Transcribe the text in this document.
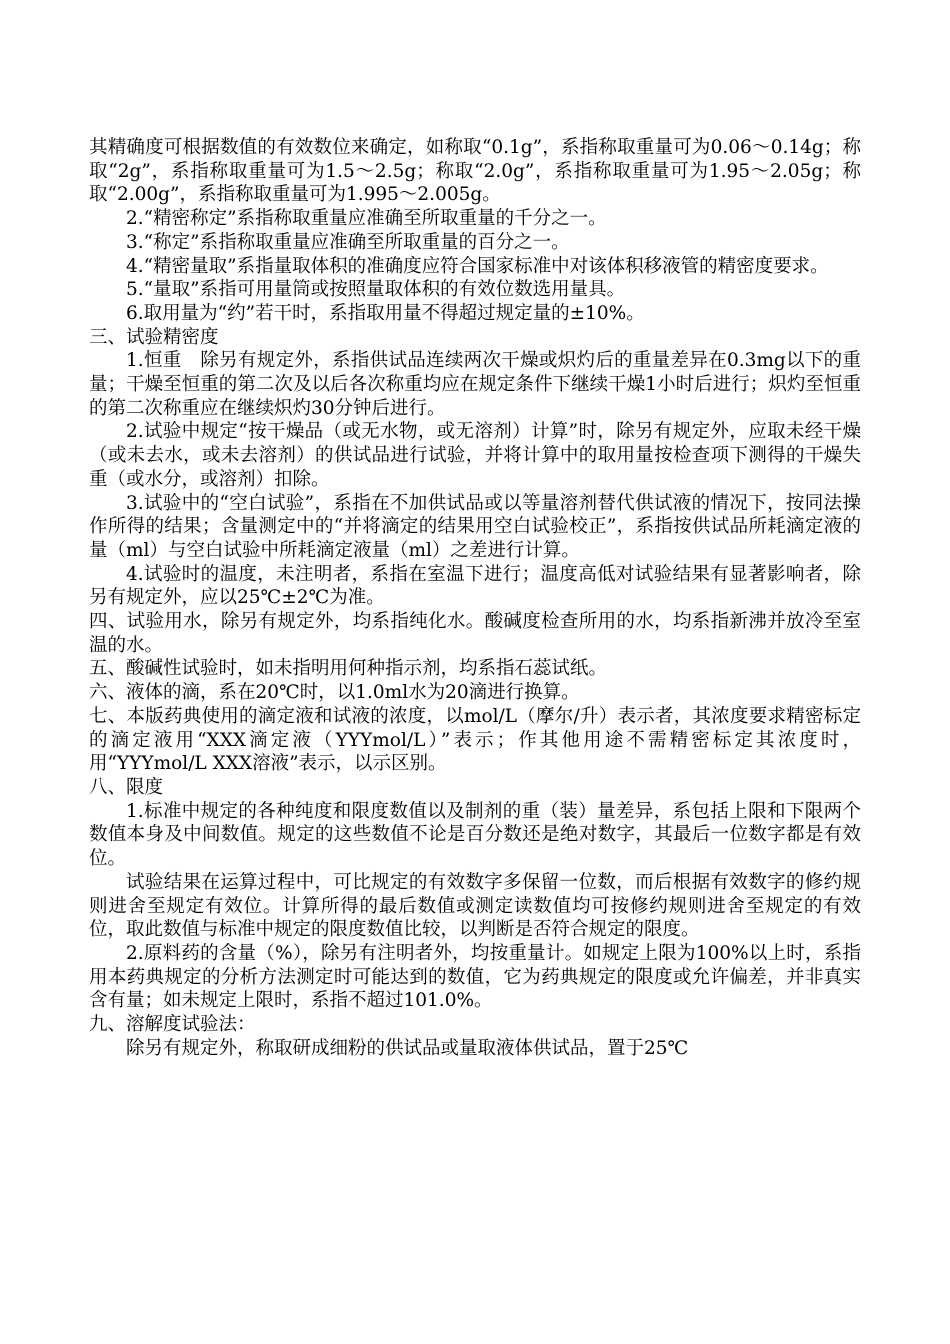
其精确度可根据数值的有效数位来确定，如称取“0.1g”，系指称取重量可为0.06～0.14g；称取“2g”，系指称取重量可为1.5～2.5g；称取“2.0g”，系指称取重量可为1.95～2.05g；称取“2.00g”，系指称取重量可为1.995～2.005g。

2.“精密称定”系指称取重量应准确至所取重量的千分之一。

3.“称定”系指称取重量应准确至所取重量的百分之一。

4.“精密量取”系指量取体积的准确度应符合国家标准中对该体积移液管的精密度要求。

5.“量取”系指可用量筒或按照量取体积的有效位数选用量具。

6.取用量为“约”若干时，系指取用量不得超过规定量的±10%。

三、试验精密度

1.恒重　除另有规定外，系指供试品连续两次干燥或炽灼后的重量差异在0.3mg以下的重量；干燥至恒重的第二次及以后各次称重均应在规定条件下继续干燥1小时后进行；炽灼至恒重的第二次称重应在继续炽灼30分钟后进行。

2.试验中规定“按干燥品（或无水物，或无溶剂）计算”时，除另有规定外，应取未经干燥（或未去水，或未去溶剂）的供试品进行试验，并将计算中的取用量按检查项下测得的干燥失重（或水分，或溶剂）扣除。

3.试验中的“空白试验”，系指在不加供试品或以等量溶剂替代供试液的情况下，按同法操作所得的结果；含量测定中的“并将滴定的结果用空白试验校正”，系指按供试品所耗滴定液的量（ml）与空白试验中所耗滴定液量（ml）之差进行计算。

4.试验时的温度，未注明者，系指在室温下进行；温度高低对试验结果有显著影响者，除另有规定外，应以25℃±2℃为准。

四、试验用水，除另有规定外，均系指纯化水。酸碱度检查所用的水，均系指新沸并放冷至室温的水。

五、酸碱性试验时，如未指明用何种指示剂，均系指石蕊试纸。

六、液体的滴，系在20℃时，以1.0ml水为20滴进行换算。

七、本版药典使用的滴定液和试液的浓度，以mol/L（摩尔/升）表示者，其浓度要求精密标定的滴定液用“XXX滴定液（YYYmol/L）”表示；作其他用途不需精密标定其浓度时，用“YYYmol/L XXX溶液”表示，以示区别。

八、限度

1.标准中规定的各种纯度和限度数值以及制剂的重（装）量差异，系包括上限和下限两个数值本身及中间数值。规定的这些数值不论是百分数还是绝对数字，其最后一位数字都是有效位。

试验结果在运算过程中，可比规定的有效数字多保留一位数，而后根据有效数字的修约规则进舍至规定有效位。计算所得的最后数值或测定读数值均可按修约规则进舍至规定的有效位，取此数值与标准中规定的限度数值比较，以判断是否符合规定的限度。

2.原料药的含量（%），除另有注明者外，均按重量计。如规定上限为100%以上时，系指用本药典规定的分析方法测定时可能达到的数值，它为药典规定的限度或允许偏差，并非真实含有量；如未规定上限时，系指不超过101.0%。

九、溶解度试验法：

除另有规定外，称取研成细粉的供试品或量取液体供试品，置于25℃
